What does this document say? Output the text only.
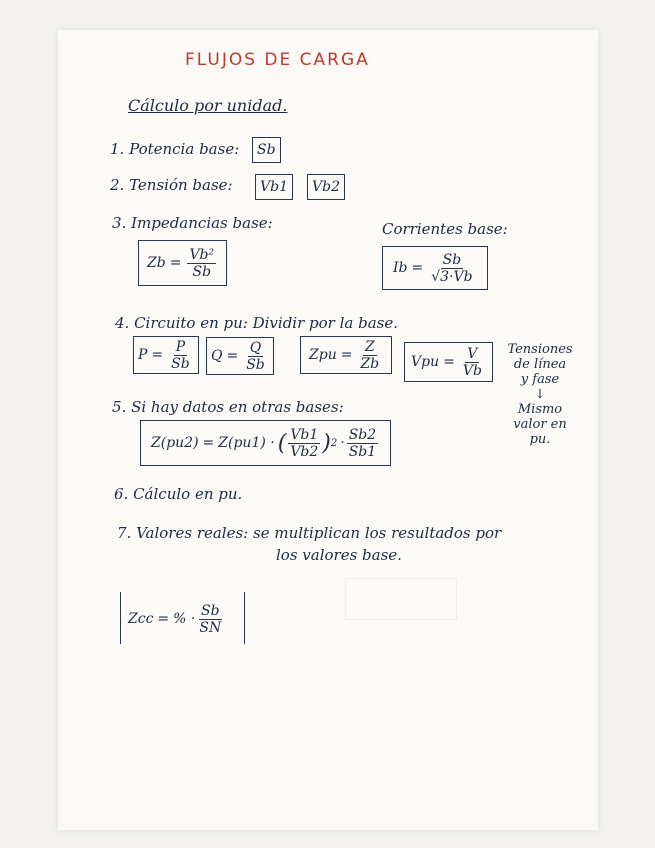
FLUJOS DE CARGA
Cálculo por unidad.
1. Potencia base: Sb
2. Tensión base: Vb1 Vb2
3. Impedancias base:	Corrientes base:
$Zb = \frac{\text{Vb²}}{Sb}$	$Ib = \frac{Sb}{√3\cdot Vb}$
4. Circuito en pu: Dividir por la base.
$P = \frac{P}{Sb}$ $Q = \frac{Q}{Sb}$	Zpu = $\frac{Z}{Zb}$ Vpu = $\frac{V}{Vb}$	Tensiones
de línea
y fase
↓
Mismo
valor en
pu.
5. Si hay datos en otras bases:
Z(pu2) = Z(pu1) · ( $\frac{Vb1}{Vb2}$ ) $2 \cdot \frac{Sb2}{Sb1}$
6. Cálculo en pu.
7. Valores reales: se multiplican los resultados por
los valores base.
Zcc = % · $\frac{Sb}{SN}$
